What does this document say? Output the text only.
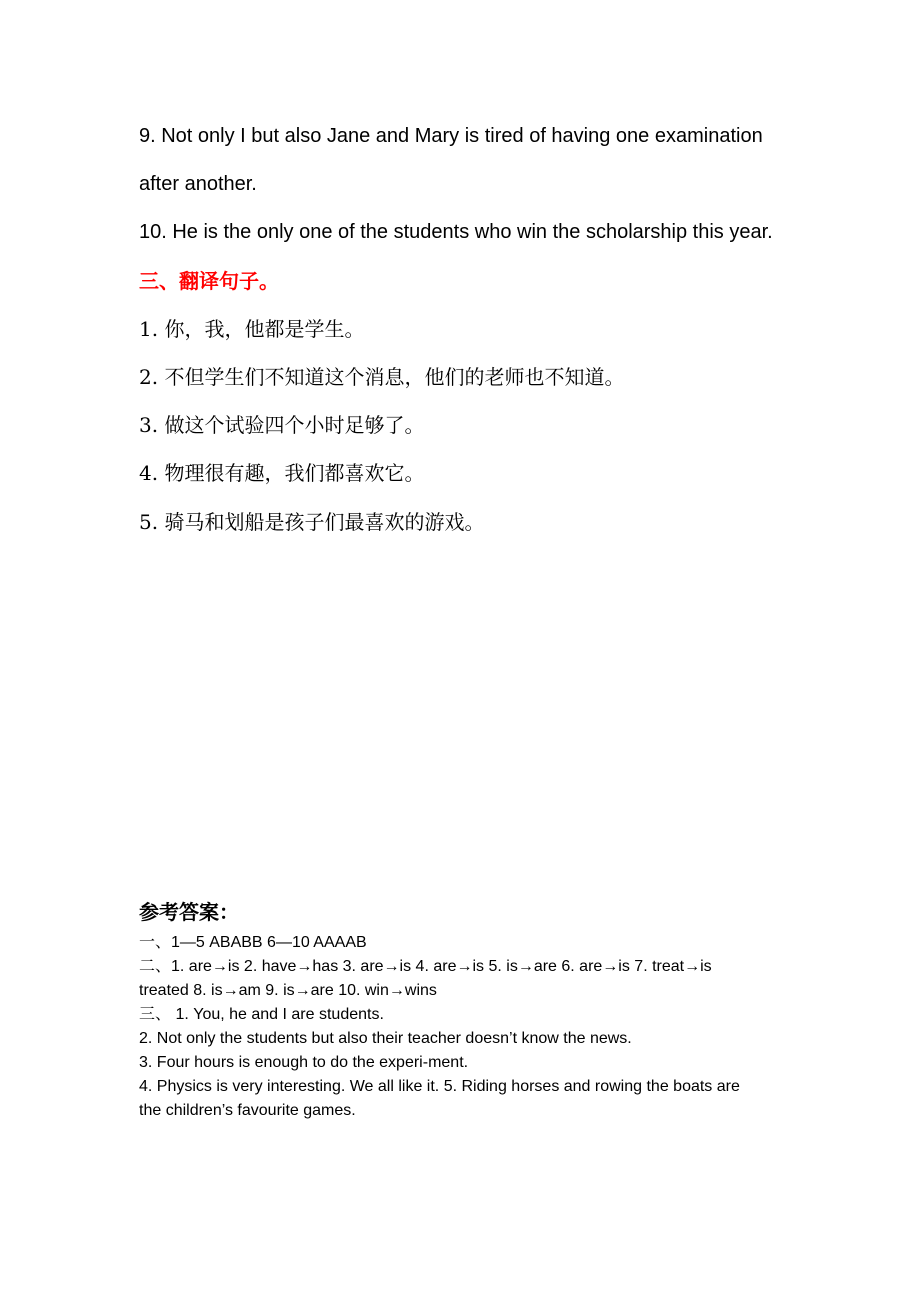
9. Not only I but also Jane and Mary is tired of having one examination
after another.
10. He is the only one of the students who win the scholarship this year.
三、翻译句子。
1. 你，我，他都是学生。
2. 不但学生们不知道这个消息，他们的老师也不知道。
3. 做这个试验四个小时足够了。
4. 物理很有趣，我们都喜欢它。
5. 骑马和划船是孩子们最喜欢的游戏。
参考答案：
一、1—5 ABABB 6—10 AAAAB
二、1. are→is 2. have→has 3. are→is 4. are→is 5. is→are 6. are→is 7. treat→is
treated 8. is→am 9. is→are 10. win→wins
三、 1. You, he and I are students.
2. Not only the students but also their teacher doesn’t know the news.
3. Four hours is enough to do the experi-ment.
4. Physics is very interesting. We all like it. 5. Riding horses and rowing the boats are
the children’s favourite games.
